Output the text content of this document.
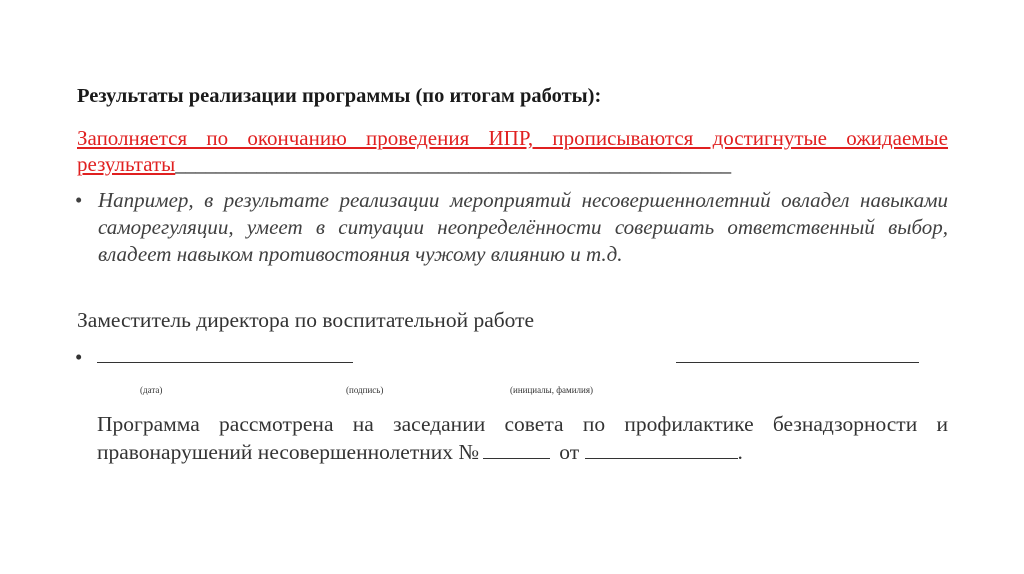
Результаты реализации программы (по итогам работы):
Заполняется по окончанию проведения ИПР, прописываются достигнутые ожидаемые результаты_______________________________________________________
• Например, в результате реализации мероприятий несовершеннолетний овладел навыками саморегуляции, умеет в ситуации неопределённости совершать ответственный выбор, владеет навыком противостояния чужому влиянию и т.д.
Заместитель директора по воспитательной работе
•
(дата)	(подпись)	(инициалы, фамилия)
Программа рассмотрена на заседании совета по профилактике безнадзорности и правонарушений несовершеннолетних №	от	.
